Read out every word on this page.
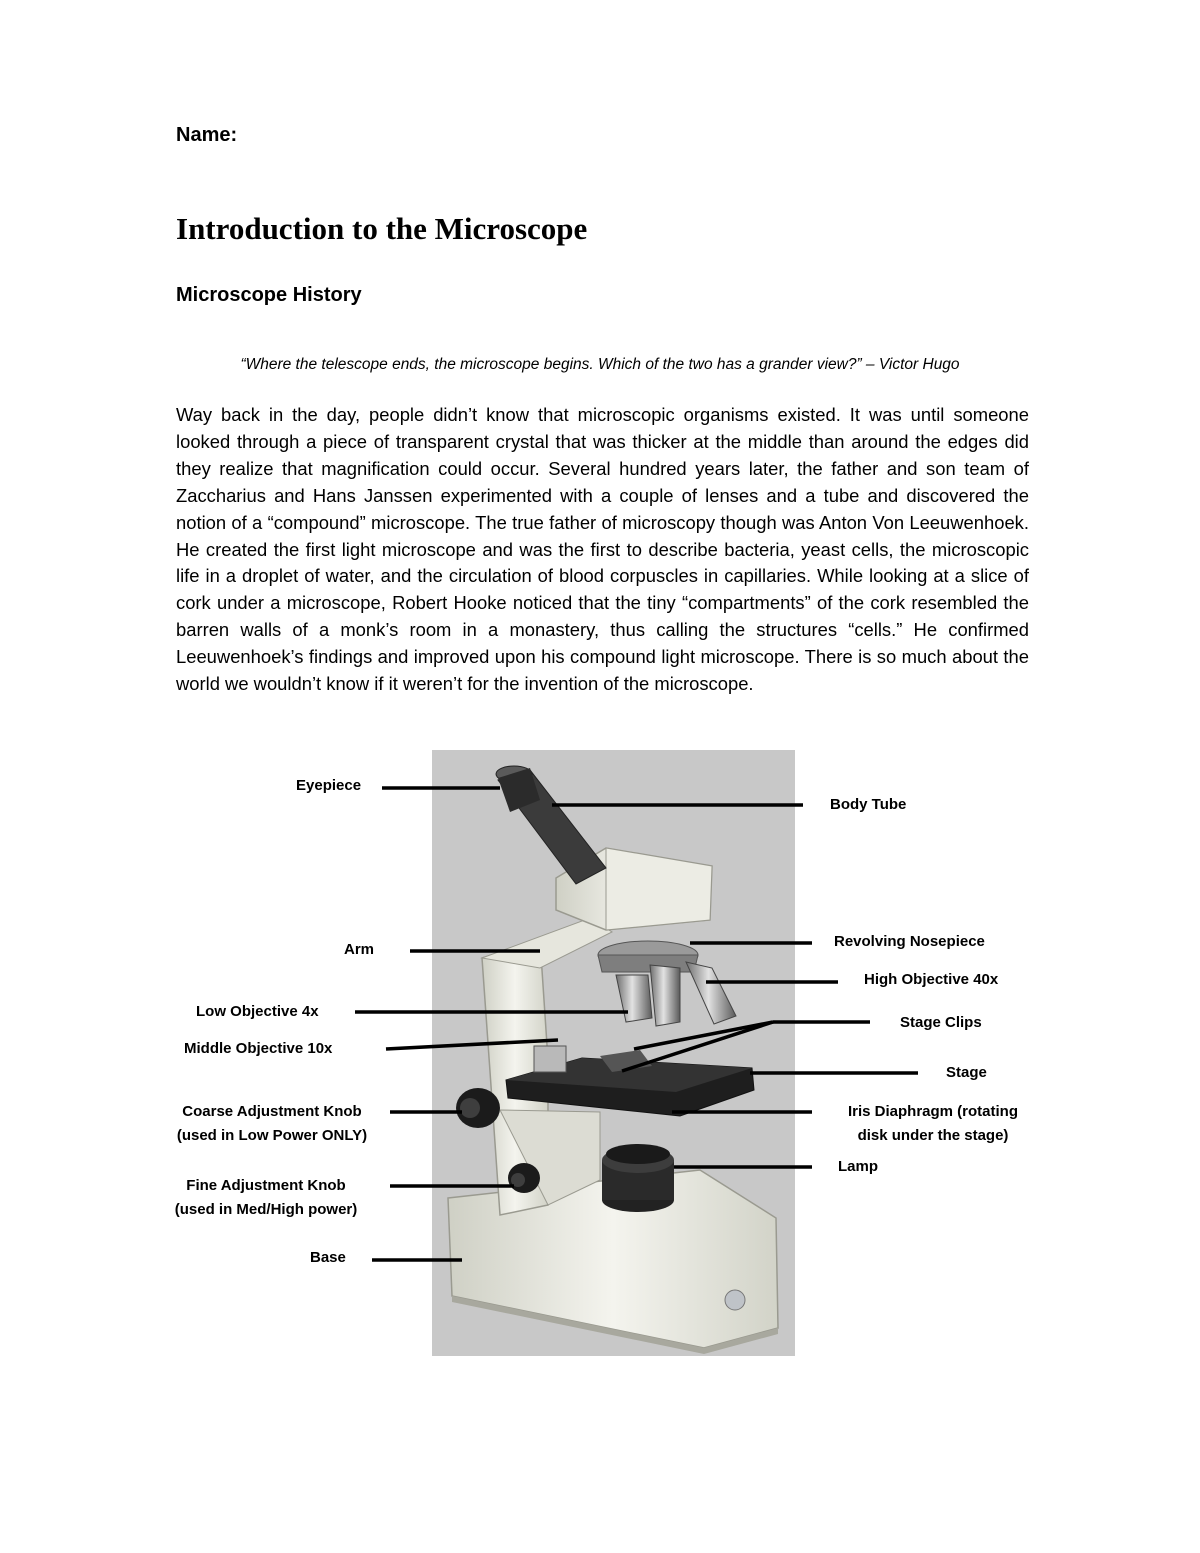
Name:
Introduction to the Microscope
Microscope History
“Where the telescope ends, the microscope begins. Which of the two has a grander view?” – Victor Hugo

Way back in the day, people didn’t know that microscopic organisms existed. It was until someone looked through a piece of transparent crystal that was thicker at the middle than around the edges did they realize that magnification could occur. Several hundred years later, the father and son team of Zaccharius and Hans Janssen experimented with a couple of lenses and a tube and discovered the notion of a “compound” microscope. The true father of microscopy though was Anton Von Leeuwenhoek. He created the first light microscope and was the first to describe bacteria, yeast cells, the microscopic life in a droplet of water, and the circulation of blood corpuscles in capillaries. While looking at a slice of cork under a microscope, Robert Hooke noticed that the tiny “compartments” of the cork resembled the barren walls of a monk’s room in a monastery, thus calling the structures “cells.” He confirmed Leeuwenhoek’s findings and improved upon his compound light microscope. There is so much about the world we wouldn’t know if it weren’t for the invention of the microscope.

Eyepiece
Body Tube
Arm	Revolving Nosepiece
High Objective 40x
Low Objective 4x
Stage Clips
Middle Objective 10x
Stage
Coarse Adjustment Knob
(used in Low Power ONLY)
Iris Diaphragm (rotating
disk under the stage)
Lamp
Fine Adjustment Knob
(used in Med/High power)
Base
